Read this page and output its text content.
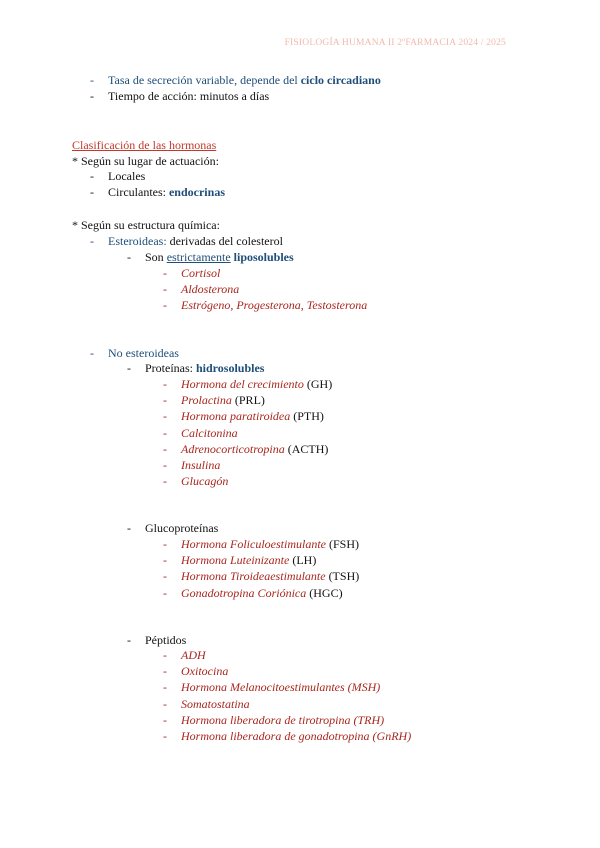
FISIOLOGÍA HUMANA II 2ºFARMACIA 2024 / 2025
- Tasa de secreción variable, depende del ciclo circadiano
- Tiempo de acción: minutos a días
Clasificación de las hormonas
* Según su lugar de actuación:
- Locales
- Circulantes: endocrinas
* Según su estructura química:
- Esteroideas: derivadas del colesterol
- Son estrictamente liposolubles
- Cortisol
- Aldosterona
- Estrógeno, Progesterona, Testosterona
- No esteroideas
- Proteínas: hidrosolubles
- Hormona del crecimiento (GH)
- Prolactina (PRL)
- Hormona paratiroidea (PTH)
- Calcitonina
- Adrenocorticotropina (ACTH)
- Insulina
- Glucagón
- Glucoproteínas
- Hormona Foliculoestimulante (FSH)
- Hormona Luteinizante (LH)
- Hormona Tiroideaestimulante (TSH)
- Gonadotropina Coriónica (HGC)
- Péptidos
- ADH
- Oxitocina
- Hormona Melanocitoestimulantes (MSH)
- Somatostatina
- Hormona liberadora de tirotropina (TRH)
- Hormona liberadora de gonadotropina (GnRH)
